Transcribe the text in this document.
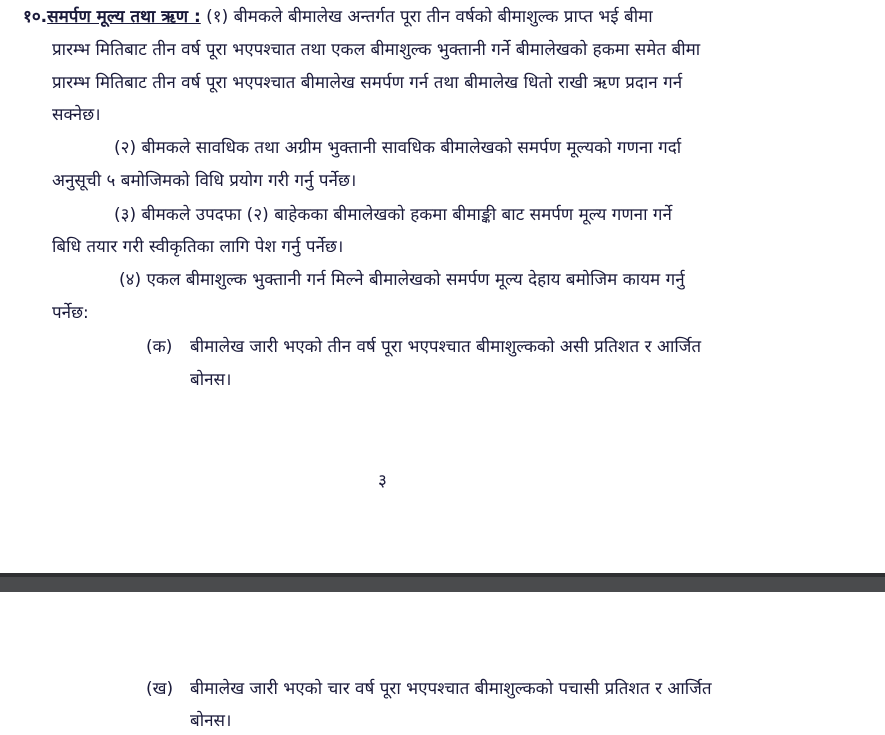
१०.समर्पण मूल्य तथा ऋण : (१) बीमकले बीमालेख अन्तर्गत पूरा तीन वर्षको बीमाशुल्क प्राप्त भई बीमा
प्रारम्भ मितिबाट तीन वर्ष पूरा भएपश्चात तथा एकल बीमाशुल्क भुक्तानी गर्ने बीमालेखको हकमा समेत बीमा
प्रारम्भ मितिबाट तीन वर्ष पूरा भएपश्चात बीमालेख समर्पण गर्न तथा बीमालेख धितो राखी ऋण प्रदान गर्न
सक्नेछ।
(२) बीमकले सावधिक तथा अग्रीम भुक्तानी सावधिक बीमालेखको समर्पण मूल्यको गणना गर्दा
अनुसूची ५ बमोजिमको विधि प्रयोग गरी गर्नु पर्नेछ।
(३) बीमकले उपदफा (२) बाहेकका बीमालेखको हकमा बीमाङ्की बाट समर्पण मूल्य गणना गर्ने
बिधि तयार गरी स्वीकृतिका लागि पेश गर्नु पर्नेछ।
(४) एकल बीमाशुल्क भुक्तानी गर्न मिल्ने बीमालेखको समर्पण मूल्य देहाय बमोजिम कायम गर्नु
पर्नेछ:
(क) बीमालेख जारी भएको तीन वर्ष पूरा भएपश्चात बीमाशुल्कको असी प्रतिशत र आर्जित
बोनस।
३
(ख) बीमालेख जारी भएको चार वर्ष पूरा भएपश्चात बीमाशुल्कको पचासी प्रतिशत र आर्जित
बोनस।
